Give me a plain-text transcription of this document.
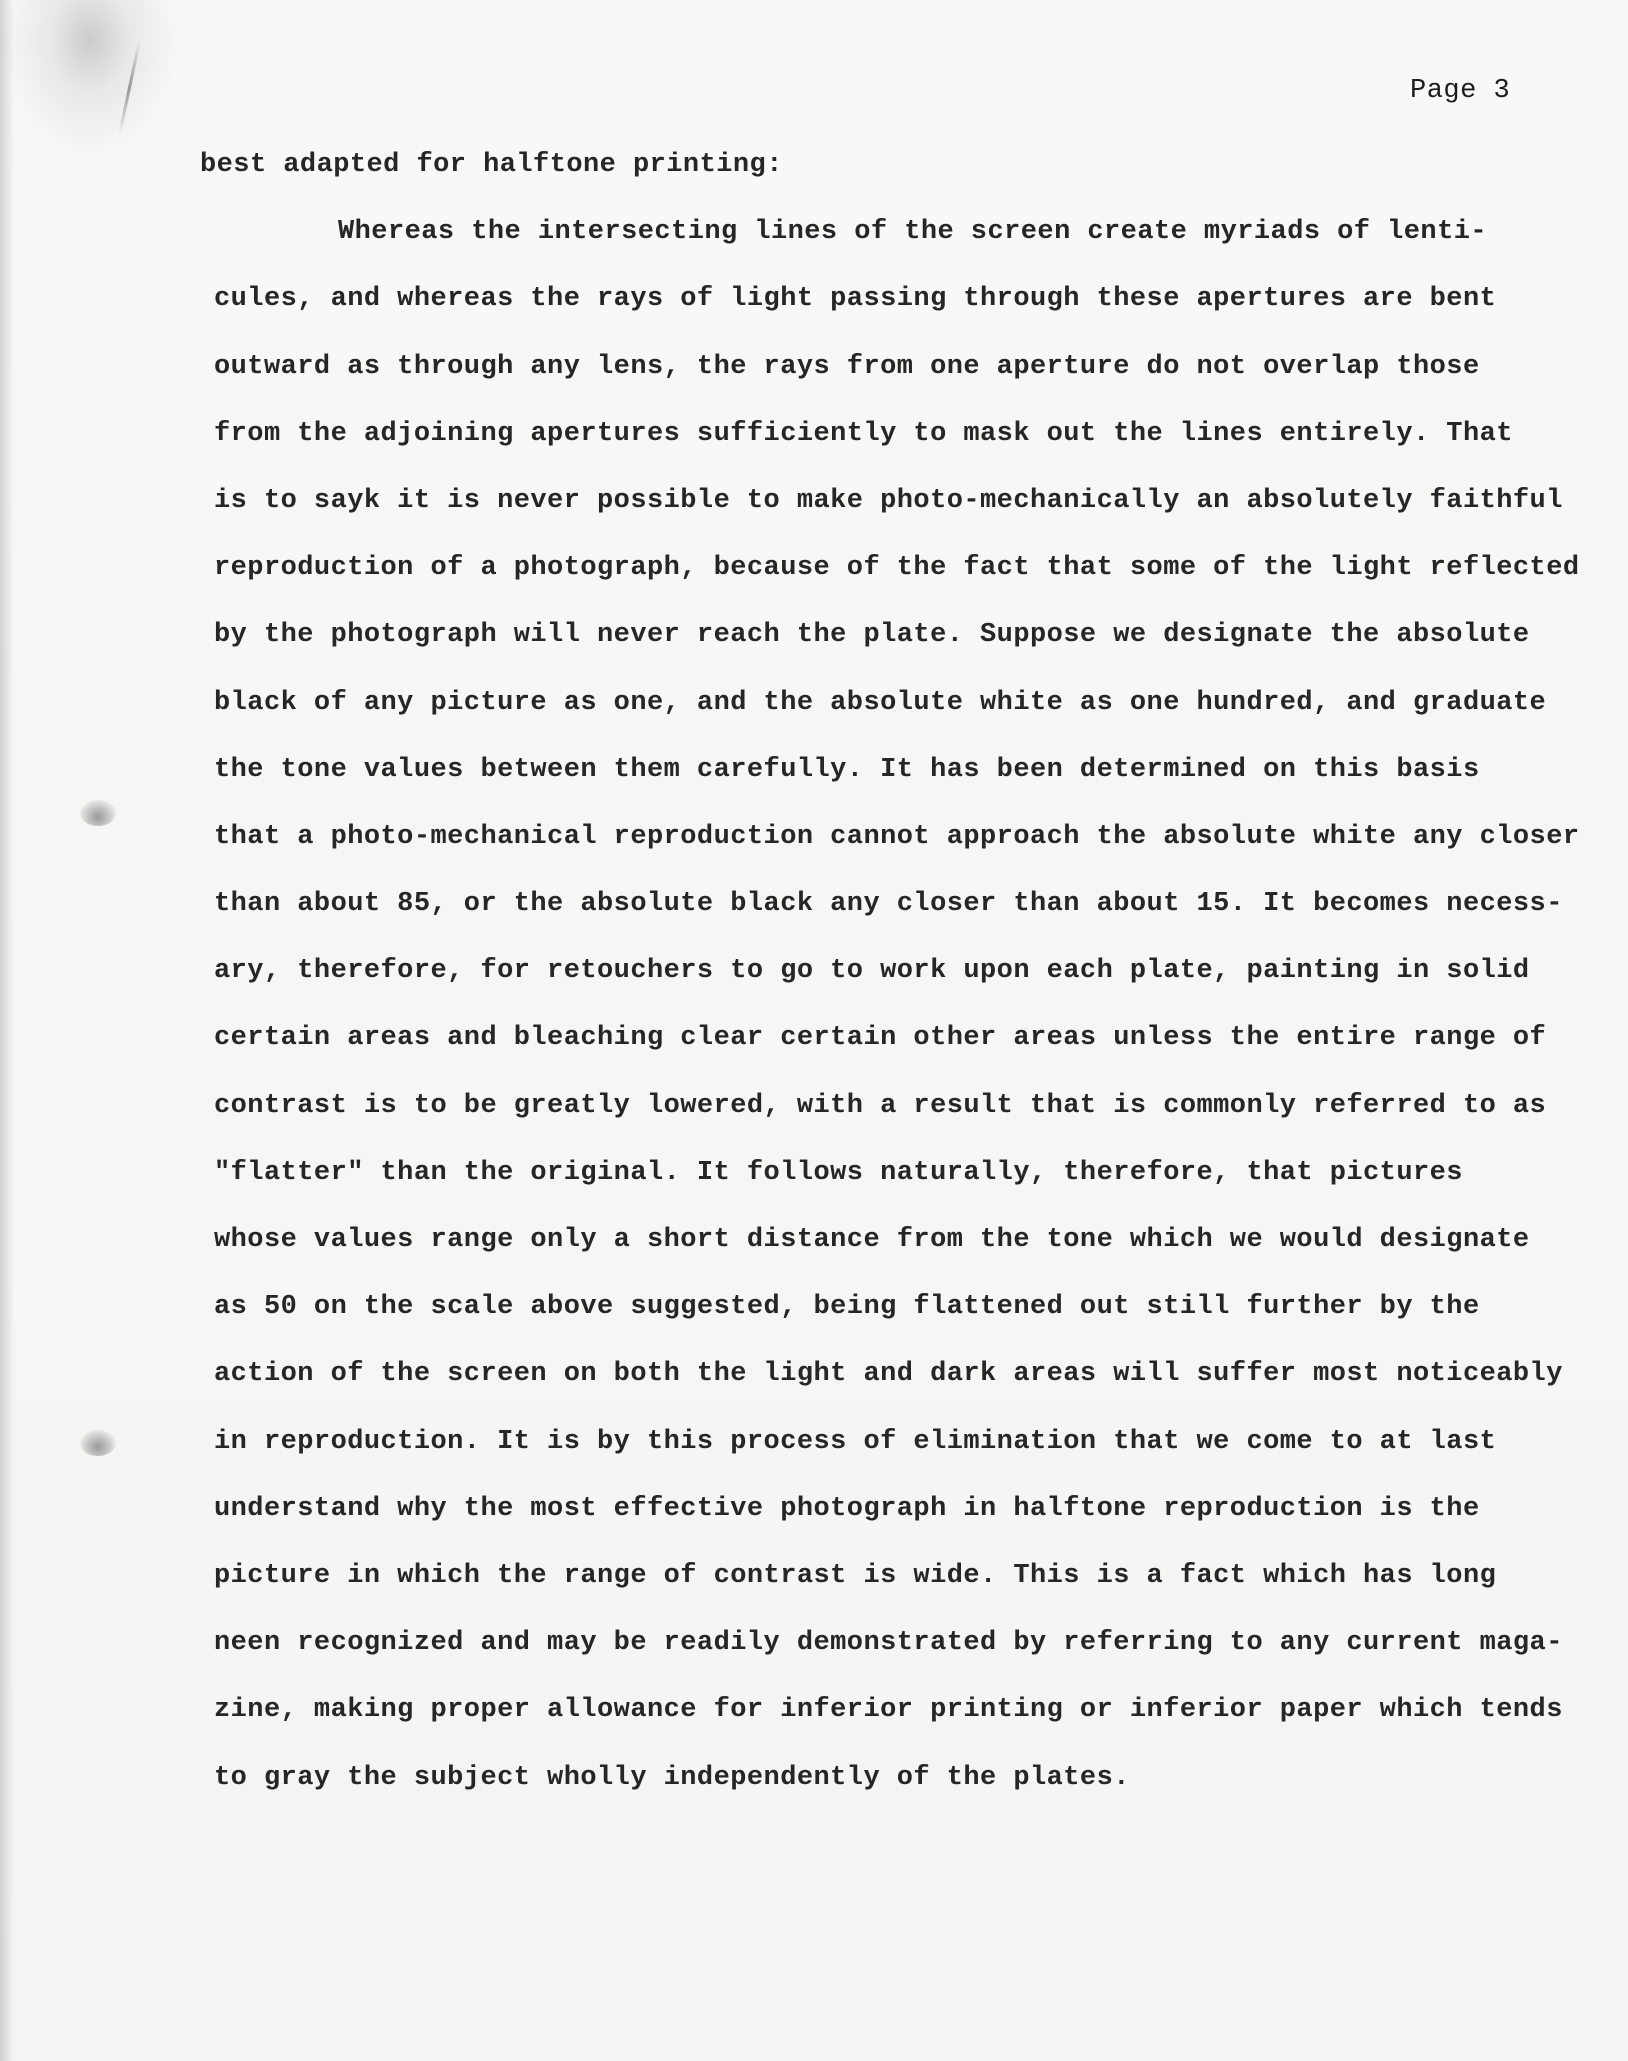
Page 3
best adapted for halftone printing:
Whereas the intersecting lines of the screen create myriads of lenti-
cules, and whereas the rays of light passing through these apertures are bent
outward as through any lens, the rays from one aperture do not overlap those
from the adjoining apertures sufficiently to mask out the lines entirely. That
is to sayk it is never possible to make photo-mechanically an absolutely faithful
reproduction of a photograph, because of the fact that some of the light reflected
by the photograph will never reach the plate. Suppose we designate the absolute
black of any picture as one, and the absolute white as one hundred, and graduate
the tone values between them carefully. It has been determined on this basis
that a photo-mechanical reproduction cannot approach the absolute white any closer
than about 85, or the absolute black any closer than about 15. It becomes necess-
ary, therefore, for retouchers to go to work upon each plate, painting in solid
certain areas and bleaching clear certain other areas unless the entire range of
contrast is to be greatly lowered, with a result that is commonly referred to as
"flatter" than the original. It follows naturally, therefore, that pictures
whose values range only a short distance from the tone which we would designate
as 50 on the scale above suggested, being flattened out still further by the
action of the screen on both the light and dark areas will suffer most noticeably
in reproduction. It is by this process of elimination that we come to at last
understand why the most effective photograph in halftone reproduction is the
picture in which the range of contrast is wide. This is a fact which has long
neen recognized and may be readily demonstrated by referring to any current maga-
zine, making proper allowance for inferior printing or inferior paper which tends
to gray the subject wholly independently of the plates.
